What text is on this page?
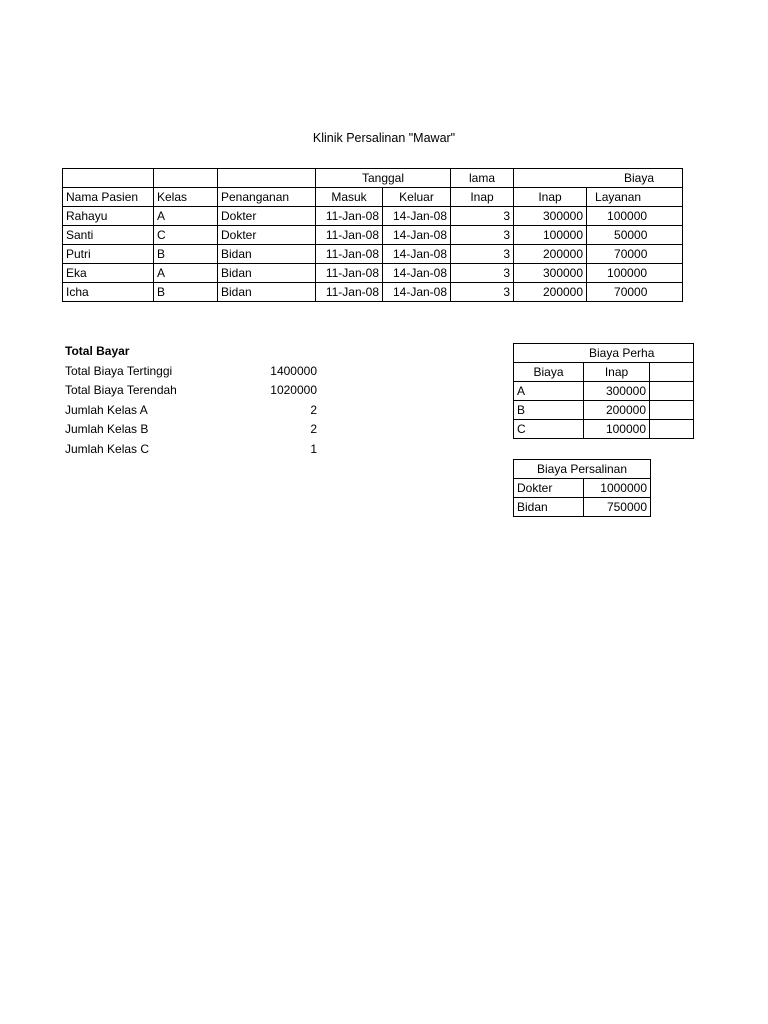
Klinik Persalinan "Mawar"
			Tanggal		lama	Biaya	
Nama Pasien	Kelas	Penanganan	Masuk	Keluar	Inap	Inap	Layanan
Rahayu	A	Dokter	11-Jan-08	14-Jan-08	3	300000	100000
Santi	C	Dokter	11-Jan-08	14-Jan-08	3	100000	50000
Putri	B	Bidan	11-Jan-08	14-Jan-08	3	200000	70000
Eka	A	Bidan	11-Jan-08	14-Jan-08	3	300000	100000
Icha	B	Bidan	11-Jan-08	14-Jan-08	3	200000	70000
Total Bayar	
Total Biaya Tertinggi	1400000
Total Biaya Terendah	1020000
Jumlah Kelas A	2
Jumlah Kelas B	2
Jumlah Kelas C	1
Biaya Perha		
Biaya	Inap	
A	300000	
B	200000	
C	100000	
Biaya Persalinan	
Dokter	1000000
Bidan	750000
